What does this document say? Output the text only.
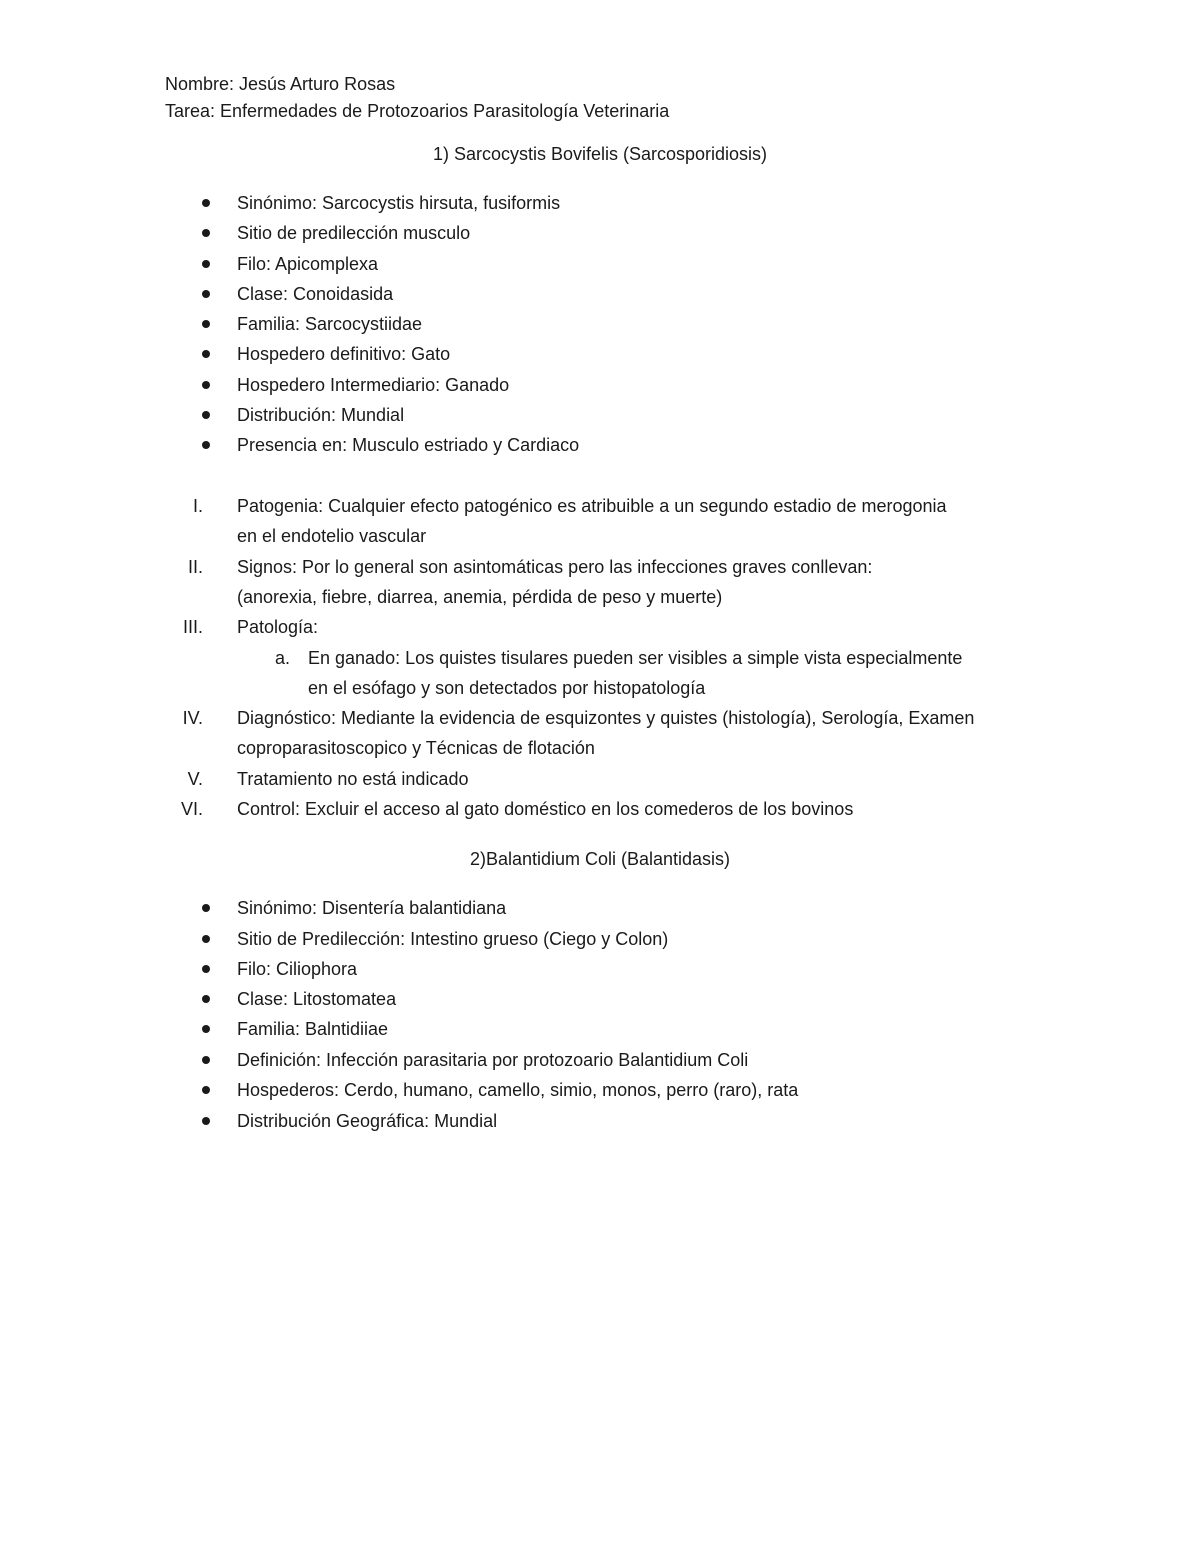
Nombre: Jesús Arturo Rosas
Tarea: Enfermedades de Protozoarios Parasitología Veterinaria
1) Sarcocystis Bovifelis (Sarcosporidiosis)
Sinónimo: Sarcocystis hirsuta, fusiformis
Sitio de predilección musculo
Filo: Apicomplexa
Clase: Conoidasida
Familia: Sarcocystiidae
Hospedero definitivo: Gato
Hospedero Intermediario: Ganado
Distribución: Mundial
Presencia en: Musculo estriado y Cardiaco
I. Patogenia: Cualquier efecto patogénico es atribuible a un segundo estadio de merogonia
en el endotelio vascular
II. Signos: Por lo general son asintomáticas pero las infecciones graves conllevan:
(anorexia, fiebre, diarrea, anemia, pérdida de peso y muerte)
III. Patología:
a. En ganado: Los quistes tisulares pueden ser visibles a simple vista especialmente
en el esófago y son detectados por histopatología
IV. Diagnóstico: Mediante la evidencia de esquizontes y quistes (histología), Serología, Examen
coproparasitoscopico y Técnicas de flotación
V. Tratamiento no está indicado
VI. Control: Excluir el acceso al gato doméstico en los comederos de los bovinos
2)Balantidium Coli (Balantidasis)
Sinónimo: Disentería balantidiana
Sitio de Predilección: Intestino grueso (Ciego y Colon)
Filo: Ciliophora
Clase: Litostomatea
Familia: Balntidiiae
Definición: Infección parasitaria por protozoario Balantidium Coli
Hospederos: Cerdo, humano, camello, simio, monos, perro (raro), rata
Distribución Geográfica: Mundial
